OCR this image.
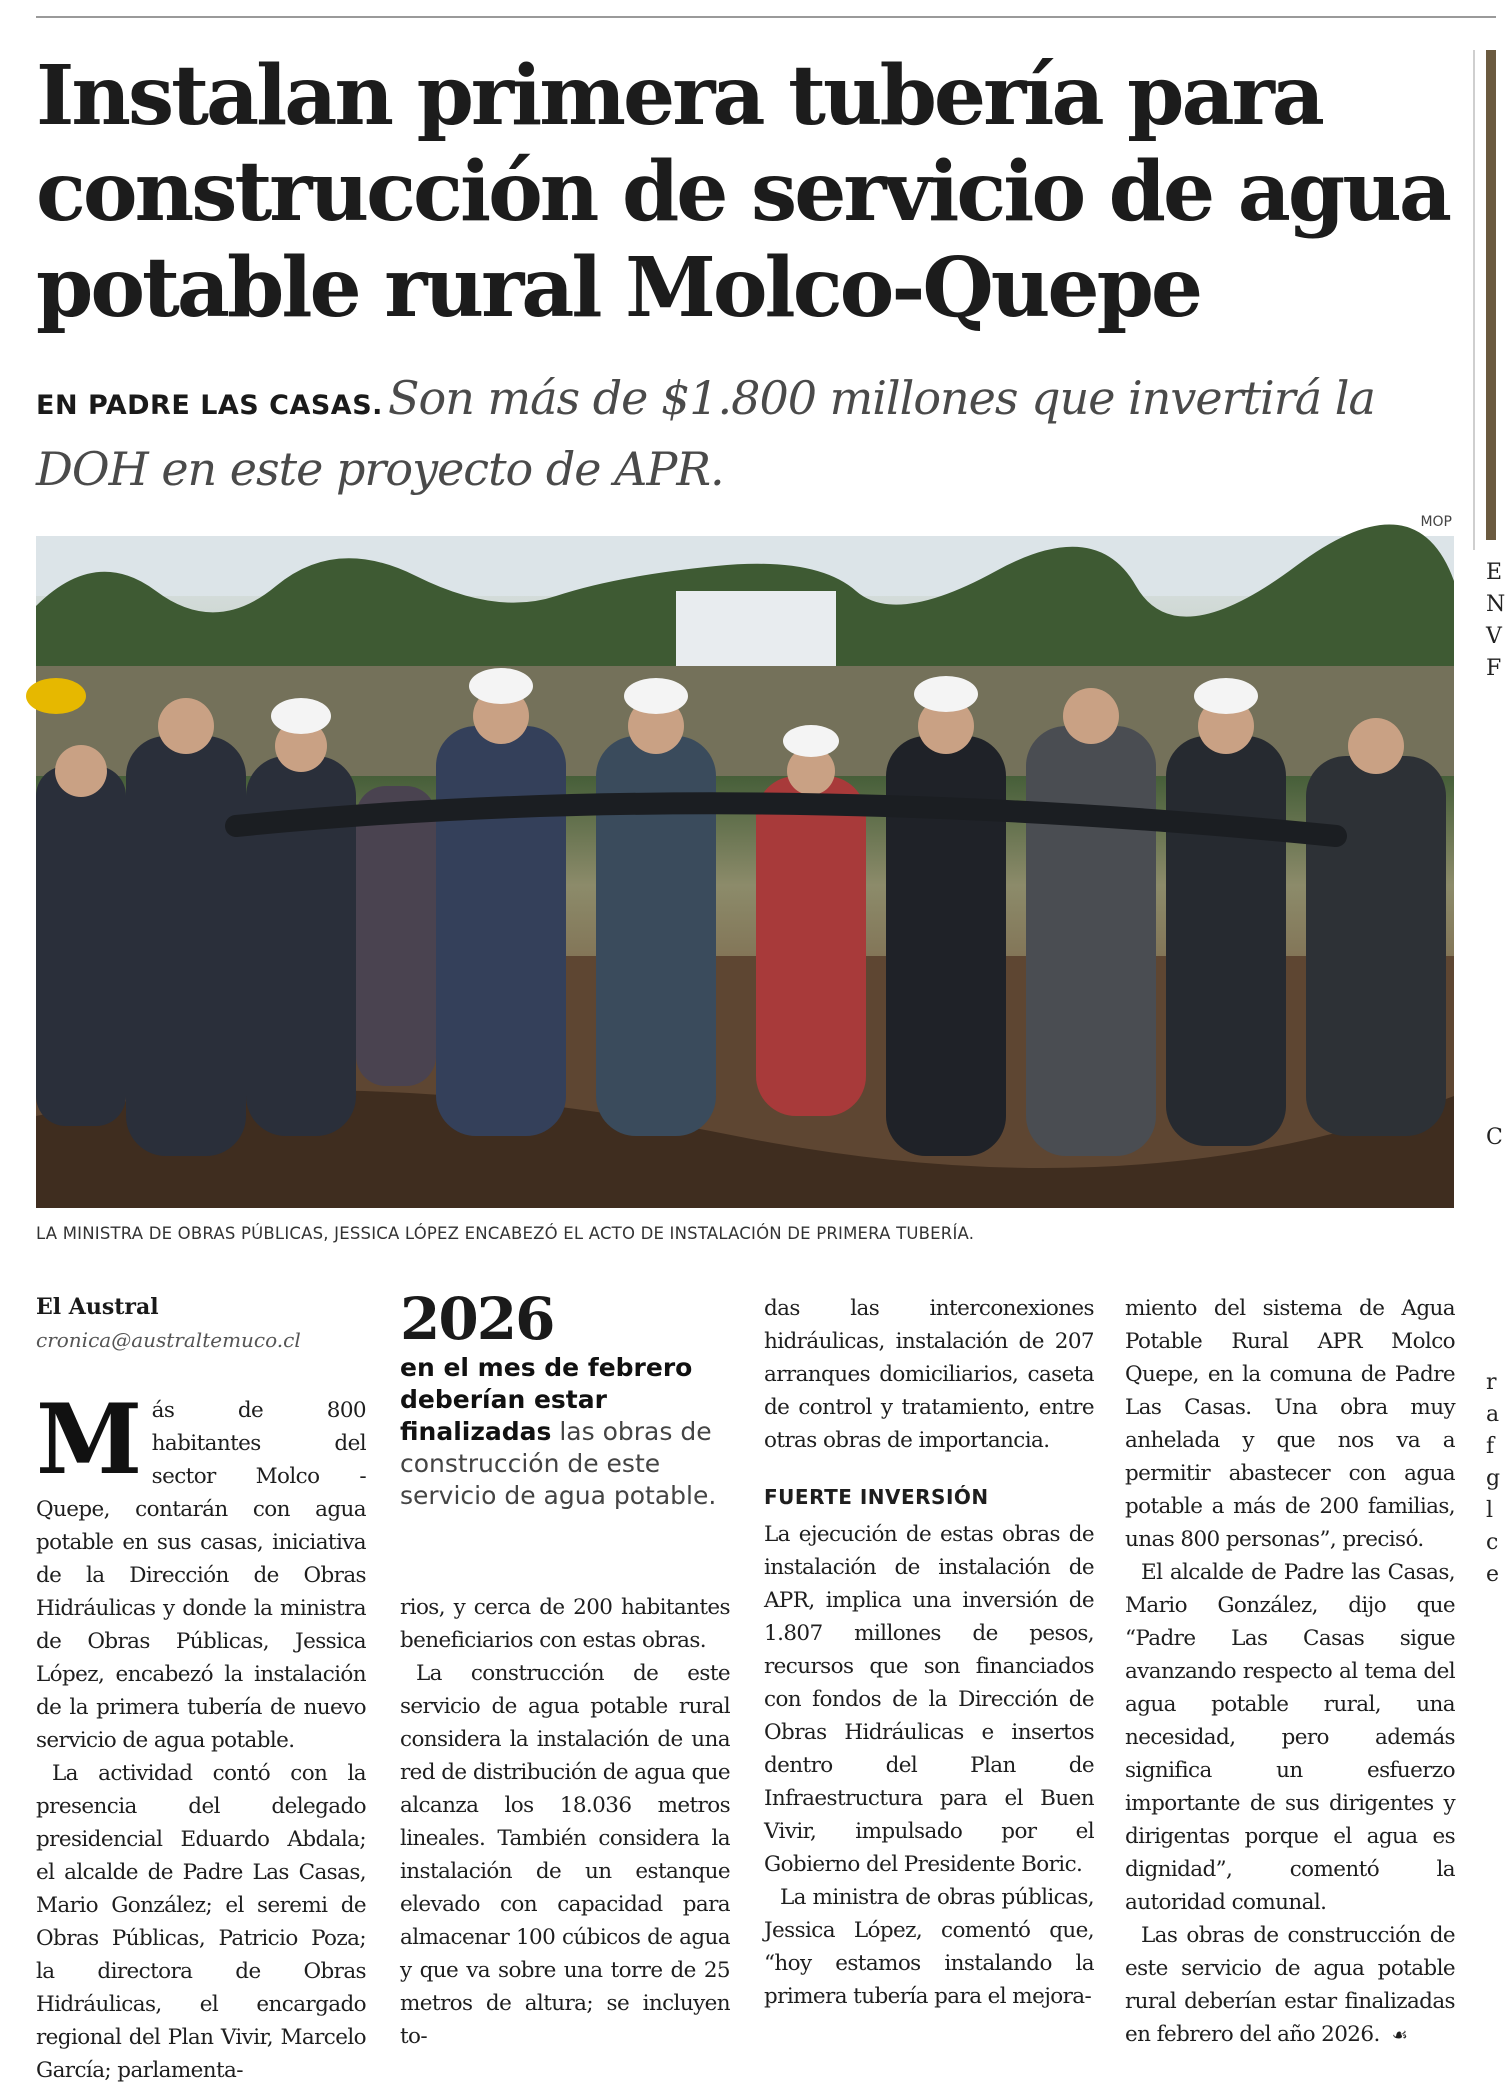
Instalan primera tubería para construcción de servicio de agua potable rural Molco-Quepe

EN PADRE LAS CASAS. Son más de $1.800 millones que invertirá la DOH en este proyecto de APR.

MOP

LA MINISTRA DE OBRAS PÚBLICAS, JESSICA LÓPEZ ENCABEZÓ EL ACTO DE INSTALACIÓN DE PRIMERA TUBERÍA.

El Austral
cronica@australtemuco.cl

Más de 800 habitantes del sector Molco - Quepe, contarán con agua potable en sus casas, iniciativa de la Dirección de Obras Hidráulicas y donde la ministra de Obras Públicas, Jessica López, encabezó la instalación de la primera tubería de nuevo servicio de agua potable.

La actividad contó con la presencia del delegado presidencial Eduardo Abdala; el alcalde de Padre Las Casas, Mario González; el seremi de Obras Públicas, Patricio Poza; la directora de Obras Hidráulicas, el encargado regional del Plan Vivir, Marcelo García; parlamenta-

2026
en el mes de febrero deberían estar finalizadas las obras de construcción de este servicio de agua potable.

rios, y cerca de 200 habitantes beneficiarios con estas obras.

La construcción de este servicio de agua potable rural considera la instalación de una red de distribución de agua que alcanza los 18.036 metros lineales. También considera la instalación de un estanque elevado con capacidad para almacenar 100 cúbicos de agua y que va sobre una torre de 25 metros de altura; se incluyen to-

das las interconexiones hidráulicas, instalación de 207 arranques domiciliarios, caseta de control y tratamiento, entre otras obras de importancia.

FUERTE INVERSIÓN

La ejecución de estas obras de instalación de instalación de APR, implica una inversión de 1.807 millones de pesos, recursos que son financiados con fondos de la Dirección de Obras Hidráulicas e insertos dentro del Plan de Infraestructura para el Buen Vivir, impulsado por el Gobierno del Presidente Boric.

La ministra de obras públicas, Jessica López, comentó que, “hoy estamos instalando la primera tubería para el mejora-

miento del sistema de Agua Potable Rural APR Molco Quepe, en la comuna de Padre Las Casas. Una obra muy anhelada y que nos va a permitir abastecer con agua potable a más de 200 familias, unas 800 personas”, precisó.

El alcalde de Padre las Casas, Mario González, dijo que “Padre Las Casas sigue avanzando respecto al tema del agua potable rural, una necesidad, pero además significa un esfuerzo importante de sus dirigentes y dirigentas porque el agua es dignidad”, comentó la autoridad comunal.

Las obras de construcción de este servicio de agua potable rural deberían estar finalizadas en febrero del año 2026. ☙

E
N
V
F
C
r
a
f
g
l
c
e
